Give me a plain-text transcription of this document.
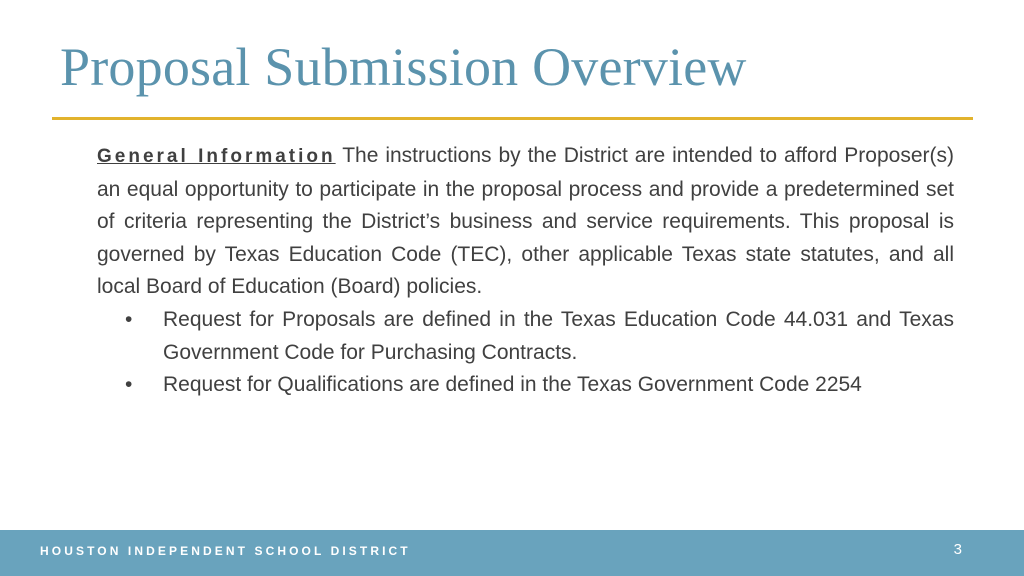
Proposal Submission Overview

General Information The instructions by the District are intended to afford Proposer(s) an equal opportunity to participate in the proposal process and provide a predetermined set of criteria representing the District’s business and service requirements. This proposal is governed by Texas Education Code (TEC), other applicable Texas state statutes, and all local Board of Education (Board) policies.

• Request for Proposals are defined in the Texas Education Code 44.031 and Texas Government Code for Purchasing Contracts.
• Request for Qualifications are defined in the Texas Government Code 2254
HOUSTON INDEPENDENT SCHOOL DISTRICT	3
